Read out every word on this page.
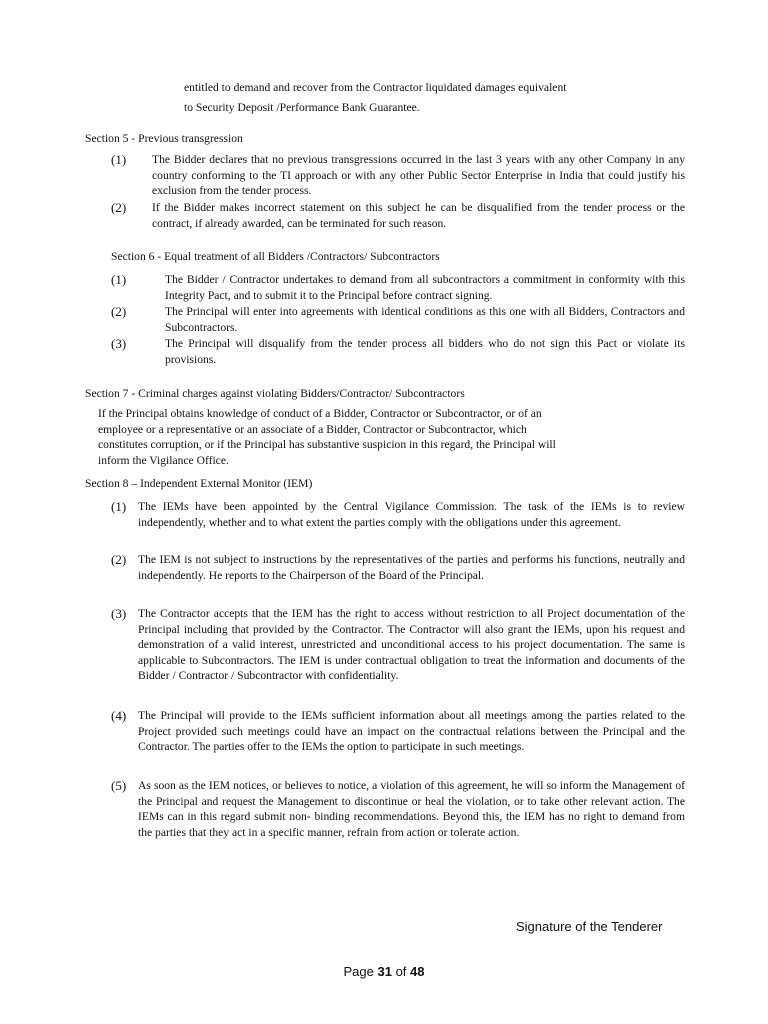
entitled to demand and recover from the Contractor liquidated damages equivalent
to Security Deposit /Performance Bank Guarantee.
Section 5 - Previous transgression
(1) The Bidder declares that no previous transgressions occurred in the last 3 years with any other Company in any country conforming to the TI approach or with any other Public Sector Enterprise in India that could justify his exclusion from the tender process.
(2) If the Bidder makes incorrect statement on this subject he can be disqualified from the tender process or the contract, if already awarded, can be terminated for such reason.
Section 6 - Equal treatment of all Bidders /Contractors/ Subcontractors
(1)	The Bidder / Contractor undertakes to demand from all subcontractors a commitment in conformity with this Integrity Pact, and to submit it to the Principal before contract signing.
(2)	The Principal will enter into agreements with identical conditions as this one with all Bidders, Contractors and Subcontractors.
(3)	The Principal will disqualify from the tender process all bidders who do not sign this Pact or violate its provisions.
Section 7 - Criminal charges against violating Bidders/Contractor/ Subcontractors
If the Principal obtains knowledge of conduct of a Bidder, Contractor or Subcontractor, or of an
employee or a representative or an associate of a Bidder, Contractor or Subcontractor, which
constitutes corruption, or if the Principal has substantive suspicion in this regard, the Principal will
inform the Vigilance Office.
Section 8 – Independent External Monitor (IEM)
(1) The IEMs have been appointed by the Central Vigilance Commission. The task of the IEMs is to review independently, whether and to what extent the parties comply with the obligations under this agreement.
(2) The IEM is not subject to instructions by the representatives of the parties and performs his functions, neutrally and independently. He reports to the Chairperson of the Board of the Principal.
(3) The Contractor accepts that the IEM has the right to access without restriction to all Project documentation of the Principal including that provided by the Contractor. The Contractor will also grant the IEMs, upon his request and demonstration of a valid interest, unrestricted and unconditional access to his project documentation. The same is applicable to Subcontractors. The IEM is under contractual obligation to treat the information and documents of the Bidder / Contractor / Subcontractor with confidentiality.
(4) The Principal will provide to the IEMs sufficient information about all meetings among the parties related to the Project provided such meetings could have an impact on the contractual relations between the Principal and the Contractor. The parties offer to the IEMs the option to participate in such meetings.
(5) As soon as the IEM notices, or believes to notice, a violation of this agreement, he will so inform the Management of the Principal and request the Management to discontinue or heal the violation, or to take other relevant action. The IEMs can in this regard submit non- binding recommendations. Beyond this, the IEM has no right to demand from the parties that they act in a specific manner, refrain from action or tolerate action.
Signature of the Tenderer
Page 31 of 48
